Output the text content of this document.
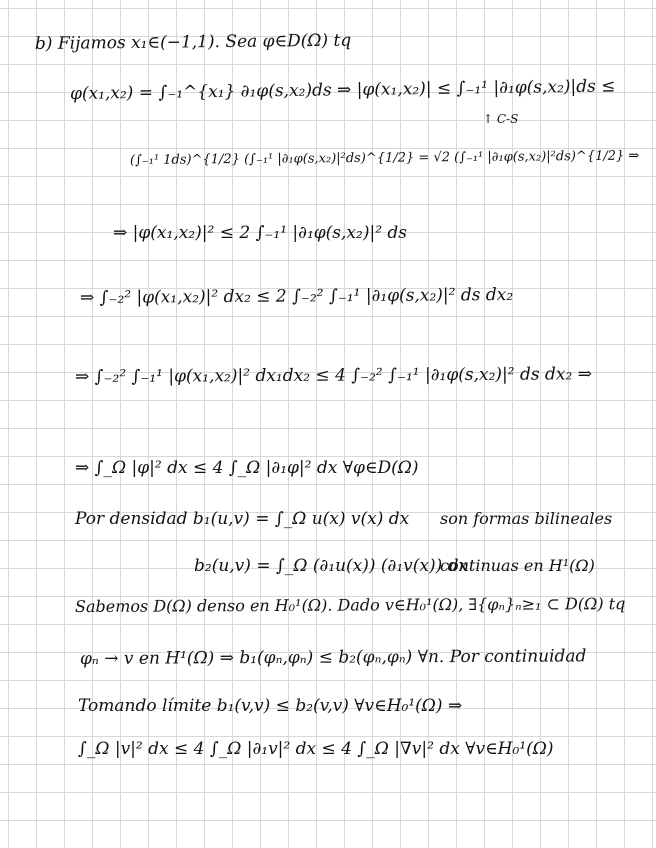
b) Fijamos x₁∈(−1,1). Sea φ∈D(Ω) tq
φ(x₁,x₂) = ∫₋₁^{x₁} ∂₁φ(s,x₂)ds ⇒ |φ(x₁,x₂)| ≤ ∫₋₁¹ |∂₁φ(s,x₂)|ds ≤
↑ C-S
(∫₋₁¹ 1ds)^{1/2} (∫₋₁¹ |∂₁φ(s,x₂)|²ds)^{1/2} = √2 (∫₋₁¹ |∂₁φ(s,x₂)|²ds)^{1/2} ⇒
⇒ |φ(x₁,x₂)|² ≤ 2 ∫₋₁¹ |∂₁φ(s,x₂)|² ds
⇒ ∫₋₂² |φ(x₁,x₂)|² dx₂ ≤ 2 ∫₋₂² ∫₋₁¹ |∂₁φ(s,x₂)|² ds dx₂
⇒ ∫₋₂² ∫₋₁¹ |φ(x₁,x₂)|² dx₁dx₂ ≤ 4 ∫₋₂² ∫₋₁¹ |∂₁φ(s,x₂)|² ds dx₂ ⇒
⇒ ∫_Ω |φ|² dx ≤ 4 ∫_Ω |∂₁φ|² dx ∀φ∈D(Ω)
Por densidad b₁(u,v) = ∫_Ω u(x) v(x) dx son formas bilineales
b₂(u,v) = ∫_Ω (∂₁u(x)) (∂₁v(x)) dx
continuas en H¹(Ω)
Sabemos D(Ω) denso en H₀¹(Ω). Dado v∈H₀¹(Ω), ∃{φₙ}ₙ≥₁ ⊂ D(Ω) tq
φₙ → v en H¹(Ω) ⇒ b₁(φₙ,φₙ) ≤ b₂(φₙ,φₙ) ∀n. Por continuidad
Tomando límite b₁(v,v) ≤ b₂(v,v) ∀v∈H₀¹(Ω) ⇒
∫_Ω |v|² dx ≤ 4 ∫_Ω |∂₁v|² dx ≤ 4 ∫_Ω |∇v|² dx ∀v∈H₀¹(Ω)
